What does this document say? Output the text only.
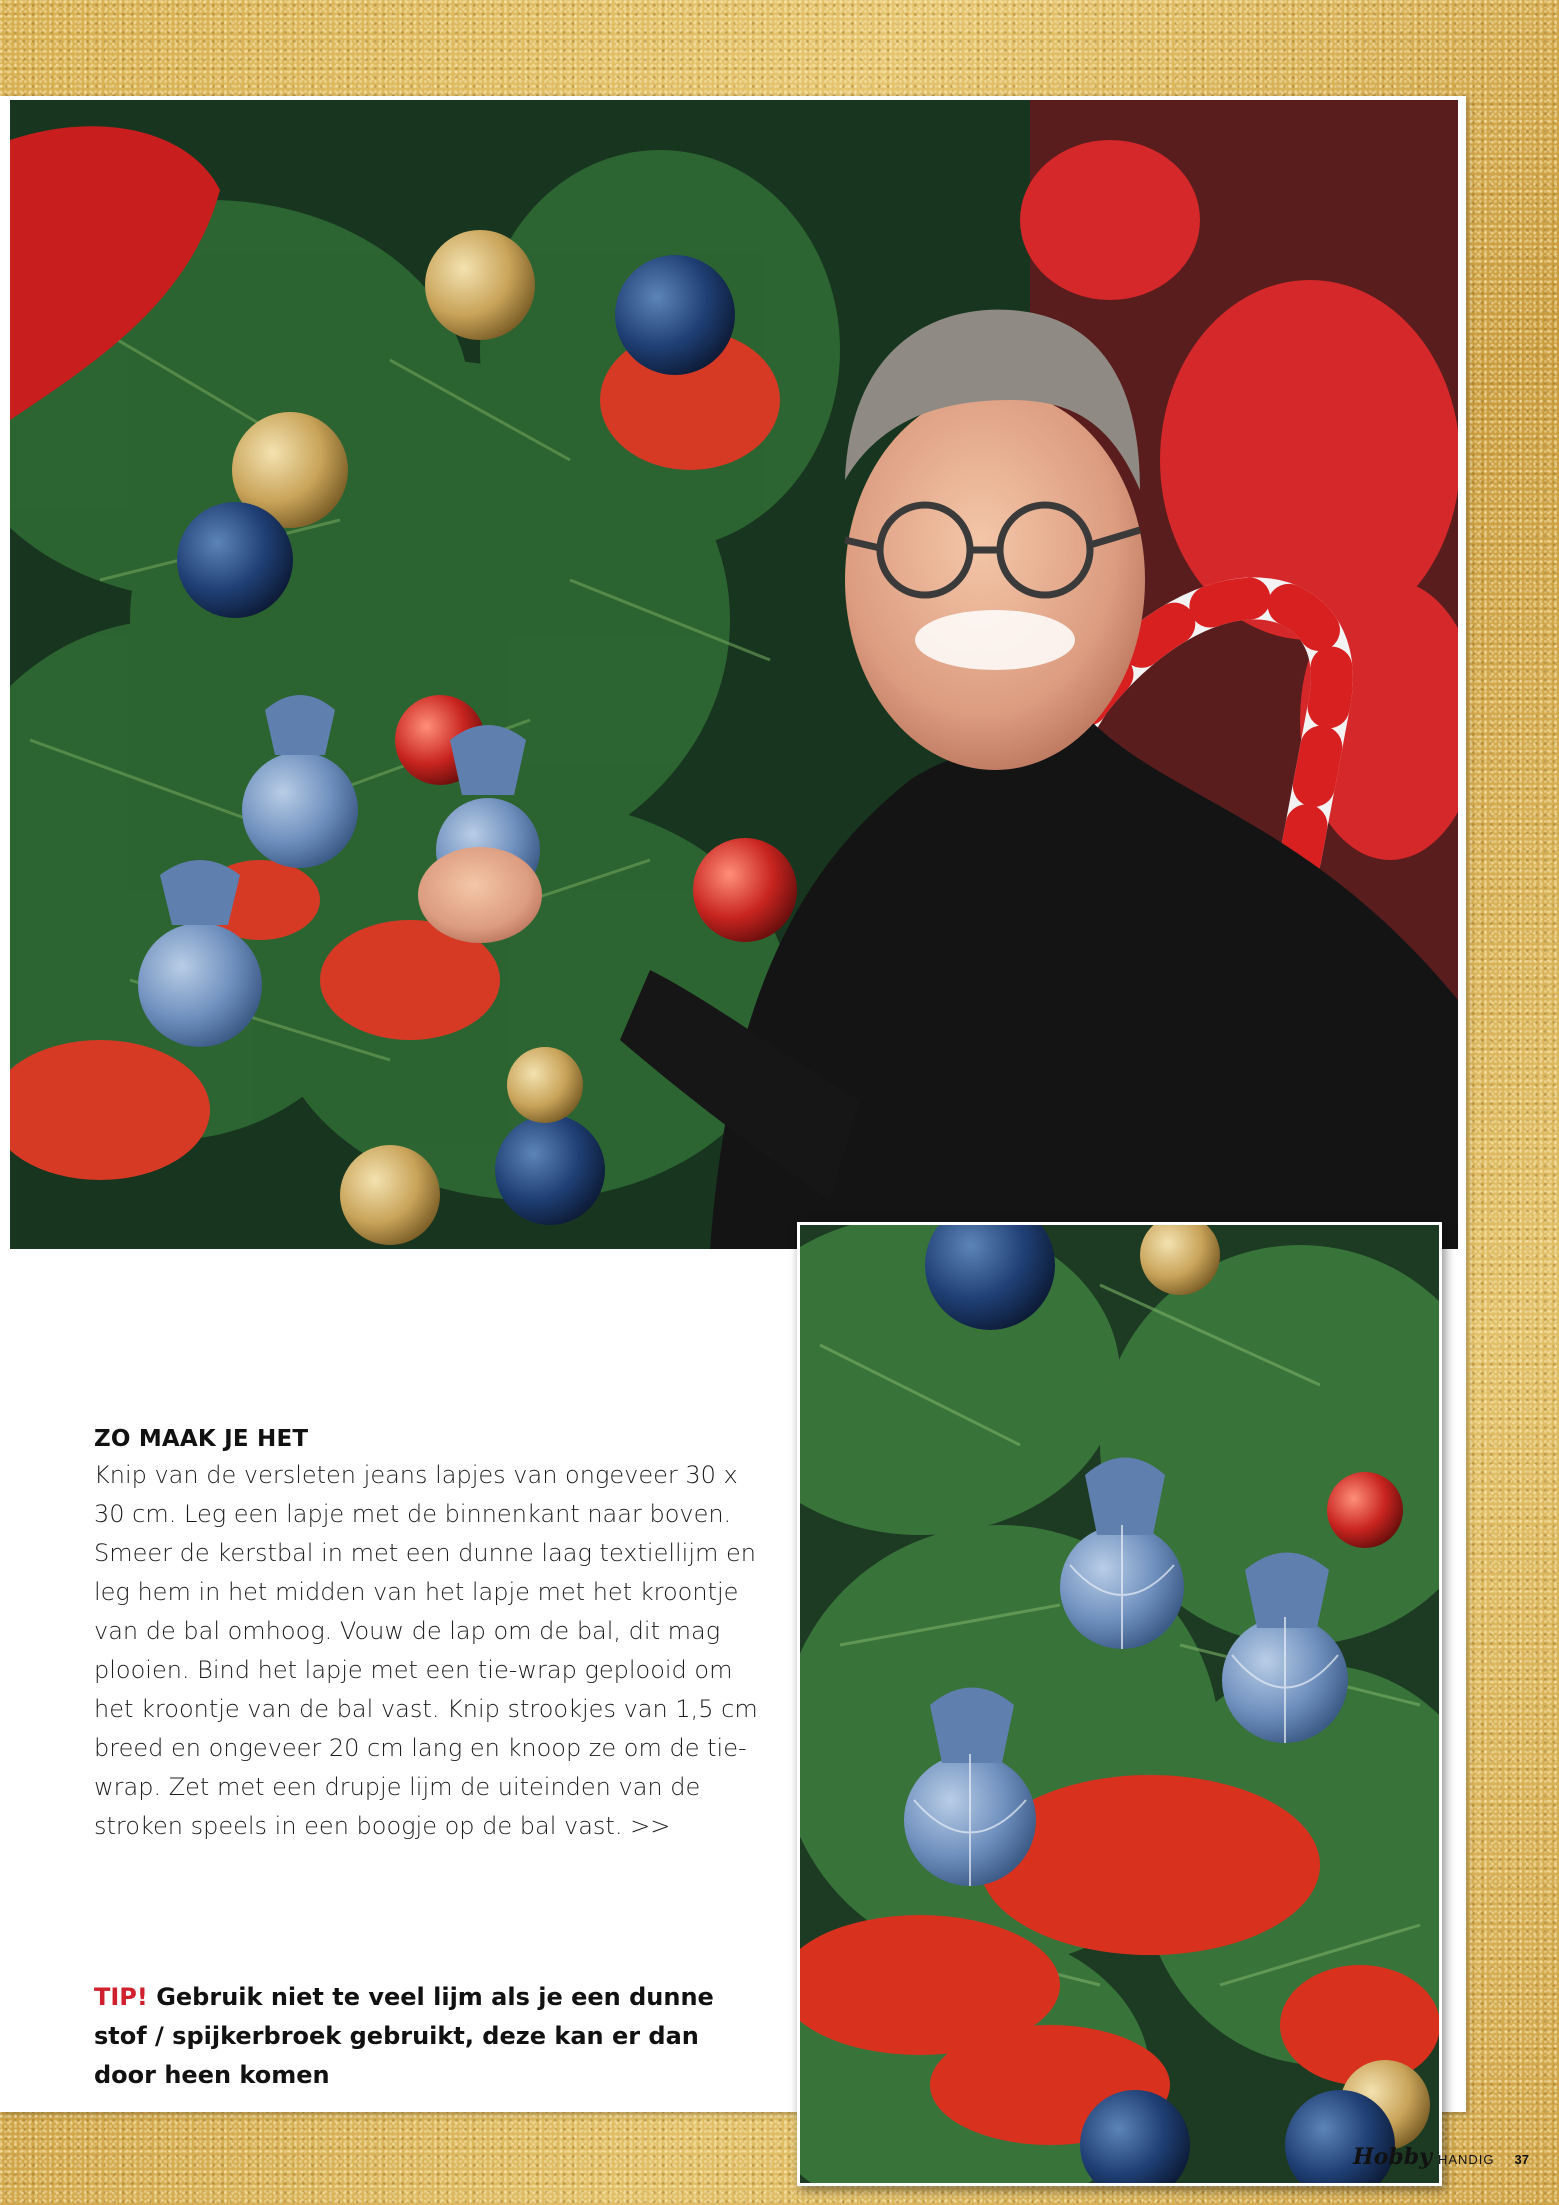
ZO MAAK JE HET

Knip van de versleten jeans lapjes van ongeveer 30 x 30 cm. Leg een lapje met de binnenkant naar boven. Smeer de kerstbal in met een dunne laag textiellijm en leg hem in het midden van het lapje met het kroontje van de bal omhoog. Vouw de lap om de bal, dit mag plooien. Bind het lapje met een tie-wrap geplooid om het kroontje van de bal vast. Knip strookjes van 1,5 cm breed en ongeveer 20 cm lang en knoop ze om de tie-wrap. Zet met een drupje lijm de uiteinden van de stroken speels in een boogje op de bal vast. >>

TIP! Gebruik niet te veel lijm als je een dunne stof / spijkerbroek gebruikt, deze kan er dan door heen komen

Hobby HANDIG 37
